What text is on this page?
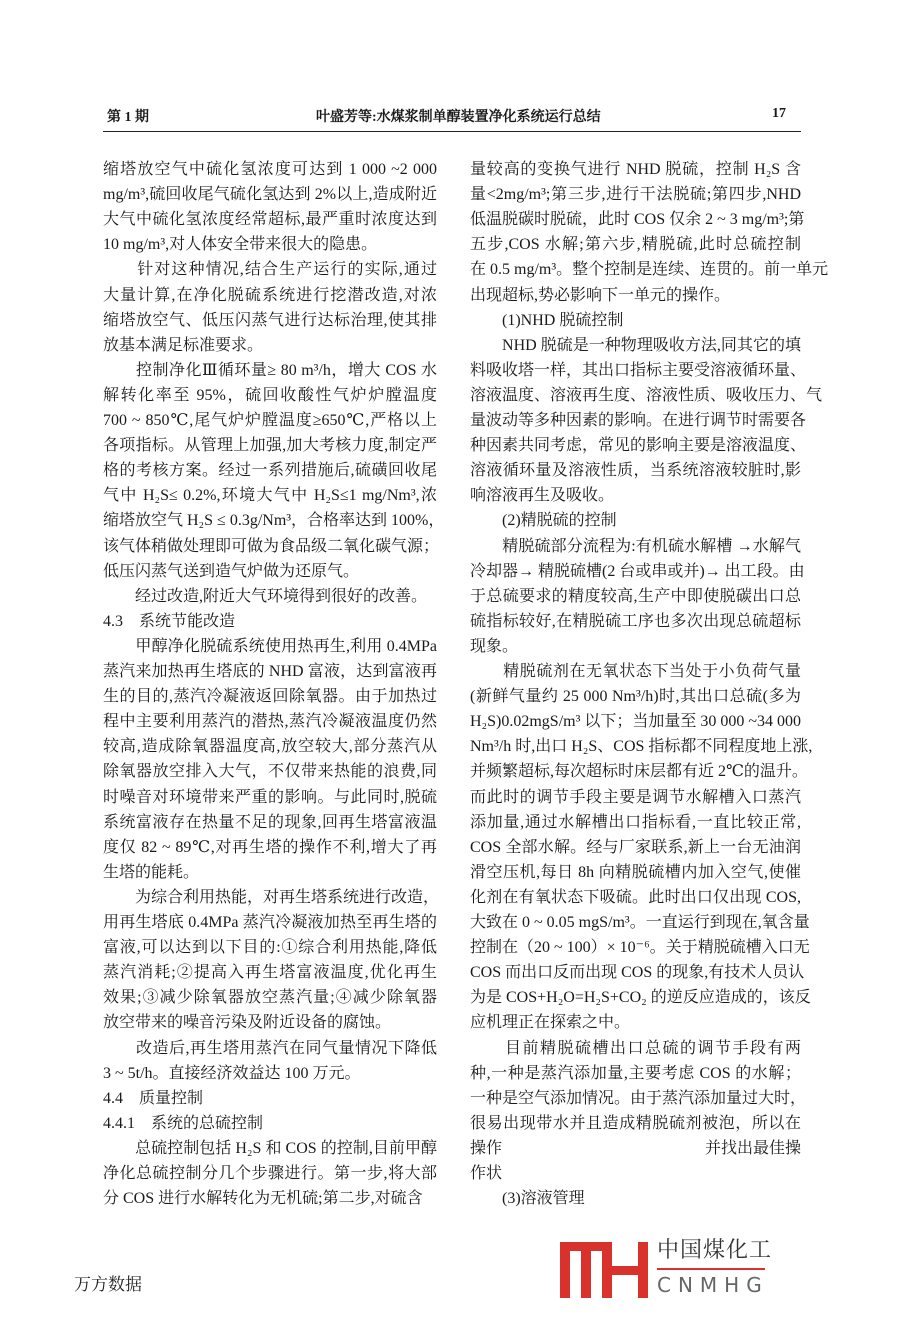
第 1 期	叶盛芳等:水煤浆制单醇装置净化系统运行总结	17
缩塔放空气中硫化氢浓度可达到 1 000 ~2 000
mg/m³,硫回收尾气硫化氢达到 2%以上,造成附近
大气中硫化氢浓度经常超标,最严重时浓度达到
10 mg/m³,对人体安全带来很大的隐患。
　　针对这种情况,结合生产运行的实际,通过
大量计算,在净化脱硫系统进行挖潜改造,对浓
缩塔放空气、低压闪蒸气进行达标治理,使其排
放基本满足标准要求。
　　控制净化Ⅲ循环量≥ 80 m³/h，增大 COS 水
解转化率至 95%，硫回收酸性气炉炉膛温度
700 ~ 850℃,尾气炉炉膛温度≥650℃,严格以上
各项指标。从管理上加强,加大考核力度,制定严
格的考核方案。经过一系列措施后,硫磺回收尾
气中 H₂S≤ 0.2%,环境大气中 H₂S≤1 mg/Nm³,浓
缩塔放空气 H₂S ≤ 0.3g/Nm³，合格率达到 100%，
该气体稍做处理即可做为食品级二氧化碳气源；
低压闪蒸气送到造气炉做为还原气。
　　经过改造,附近大气环境得到很好的改善。
4.3　系统节能改造
　　甲醇净化脱硫系统使用热再生,利用 0.4MPa
蒸汽来加热再生塔底的 NHD 富液，达到富液再
生的目的,蒸汽冷凝液返回除氧器。由于加热过
程中主要利用蒸汽的潜热,蒸汽冷凝液温度仍然
较高,造成除氧器温度高,放空较大,部分蒸汽从
除氧器放空排入大气，不仅带来热能的浪费,同
时噪音对环境带来严重的影响。与此同时,脱硫
系统富液存在热量不足的现象,回再生塔富液温
度仅 82 ~ 89℃,对再生塔的操作不利,增大了再
生塔的能耗。
　　为综合利用热能，对再生塔系统进行改造，
用再生塔底 0.4MPa 蒸汽冷凝液加热至再生塔的
富液,可以达到以下目的:①综合利用热能,降低
蒸汽消耗;②提高入再生塔富液温度,优化再生
效果;③减少除氧器放空蒸汽量;④减少除氧器
放空带来的噪音污染及附近设备的腐蚀。
　　改造后,再生塔用蒸汽在同气量情况下降低
3 ~ 5t/h。直接经济效益达 100 万元。
4.4　质量控制
4.4.1　系统的总硫控制
　　总硫控制包括 H₂S 和 COS 的控制,目前甲醇
净化总硫控制分几个步骤进行。第一步,将大部
分 COS 进行水解转化为无机硫;第二步,对硫含
量较高的变换气进行 NHD 脱硫，控制 H₂S 含
量<2mg/m³;第三步,进行干法脱硫;第四步,NHD
低温脱碳时脱硫，此时 COS 仅余 2 ~ 3 mg/m³;第
五步,COS 水解;第六步,精脱硫,此时总硫控制
在 0.5 mg/m³。整个控制是连续、连贯的。前一单元
出现超标,势必影响下一单元的操作。
　　(1)NHD 脱硫控制
　　NHD 脱硫是一种物理吸收方法,同其它的填
料吸收塔一样，其出口指标主要受溶液循环量、
溶液温度、溶液再生度、溶液性质、吸收压力、气
量波动等多种因素的影响。在进行调节时需要各
种因素共同考虑，常见的影响主要是溶液温度、
溶液循环量及溶液性质，当系统溶液较脏时,影
响溶液再生及吸收。
　　(2)精脱硫的控制
　　精脱硫部分流程为:有机硫水解槽 →水解气
冷却器→ 精脱硫槽(2 台或串或并)→ 出工段。由
于总硫要求的精度较高,生产中即使脱碳出口总
硫指标较好,在精脱硫工序也多次出现总硫超标
现象。
　　精脱硫剂在无氧状态下当处于小负荷气量
(新鲜气量约 25 000 Nm³/h)时,其出口总硫(多为
H₂S)0.02mgS/m³ 以下；当加量至 30 000 ~34 000
Nm³/h 时,出口 H₂S、COS 指标都不同程度地上涨,
并频繁超标,每次超标时床层都有近 2℃的温升。
而此时的调节手段主要是调节水解槽入口蒸汽
添加量,通过水解槽出口指标看,一直比较正常,
COS 全部水解。经与厂家联系,新上一台无油润
滑空压机,每日 8h 向精脱硫槽内加入空气,使催
化剂在有氧状态下吸硫。此时出口仅出现 COS,
大致在 0 ~ 0.05 mgS/m³。一直运行到现在,氧含量
控制在（20 ~ 100）× 10⁻⁶。关于精脱硫槽入口无
COS 而出口反而出现 COS 的现象,有技术人员认
为是 COS+H₂O=H₂S+CO₂ 的逆反应造成的，该反
应机理正在探索之中。
　　目前精脱硫槽出口总硫的调节手段有两
种,一种是蒸汽添加量,主要考虑 COS 的水解；
一种是空气添加情况。由于蒸汽添加量过大时，
很易出现带水并且造成精脱硫剂被泡，所以在
操作	并找出最佳操
作状
　　(3)溶液管理
中国煤化工
CNMHG
万方数据
